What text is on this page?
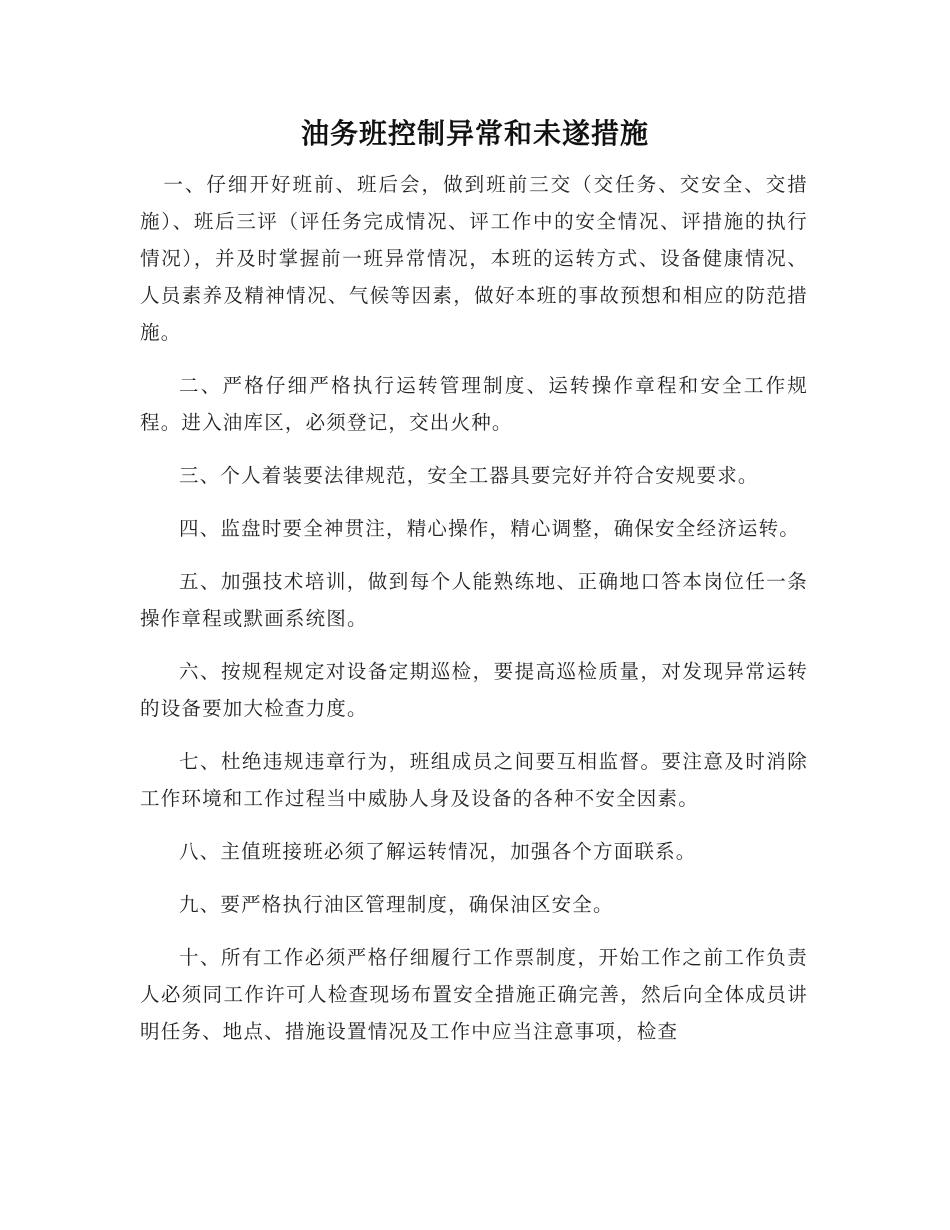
油务班控制异常和未遂措施

一、仔细开好班前、班后会，做到班前三交（交任务、交安全、交措施）、班后三评（评任务完成情况、评工作中的安全情况、评措施的执行情况），并及时掌握前一班异常情况，本班的运转方式、设备健康情况、人员素养及精神情况、气候等因素，做好本班的事故预想和相应的防范措施。

二、严格仔细严格执行运转管理制度、运转操作章程和安全工作规程。进入油库区，必须登记，交出火种。

三、个人着装要法律规范，安全工器具要完好并符合安规要求。

四、监盘时要全神贯注，精心操作，精心调整，确保安全经济运转。

五、加强技术培训，做到每个人能熟练地、正确地口答本岗位任一条操作章程或默画系统图。

六、按规程规定对设备定期巡检，要提高巡检质量，对发现异常运转的设备要加大检查力度。

七、杜绝违规违章行为，班组成员之间要互相监督。要注意及时消除工作环境和工作过程当中威胁人身及设备的各种不安全因素。

八、主值班接班必须了解运转情况，加强各个方面联系。

九、要严格执行油区管理制度，确保油区安全。

十、所有工作必须严格仔细履行工作票制度，开始工作之前工作负责人必须同工作许可人检查现场布置安全措施正确完善，然后向全体成员讲明任务、地点、措施设置情况及工作中应当注意事项，检查
